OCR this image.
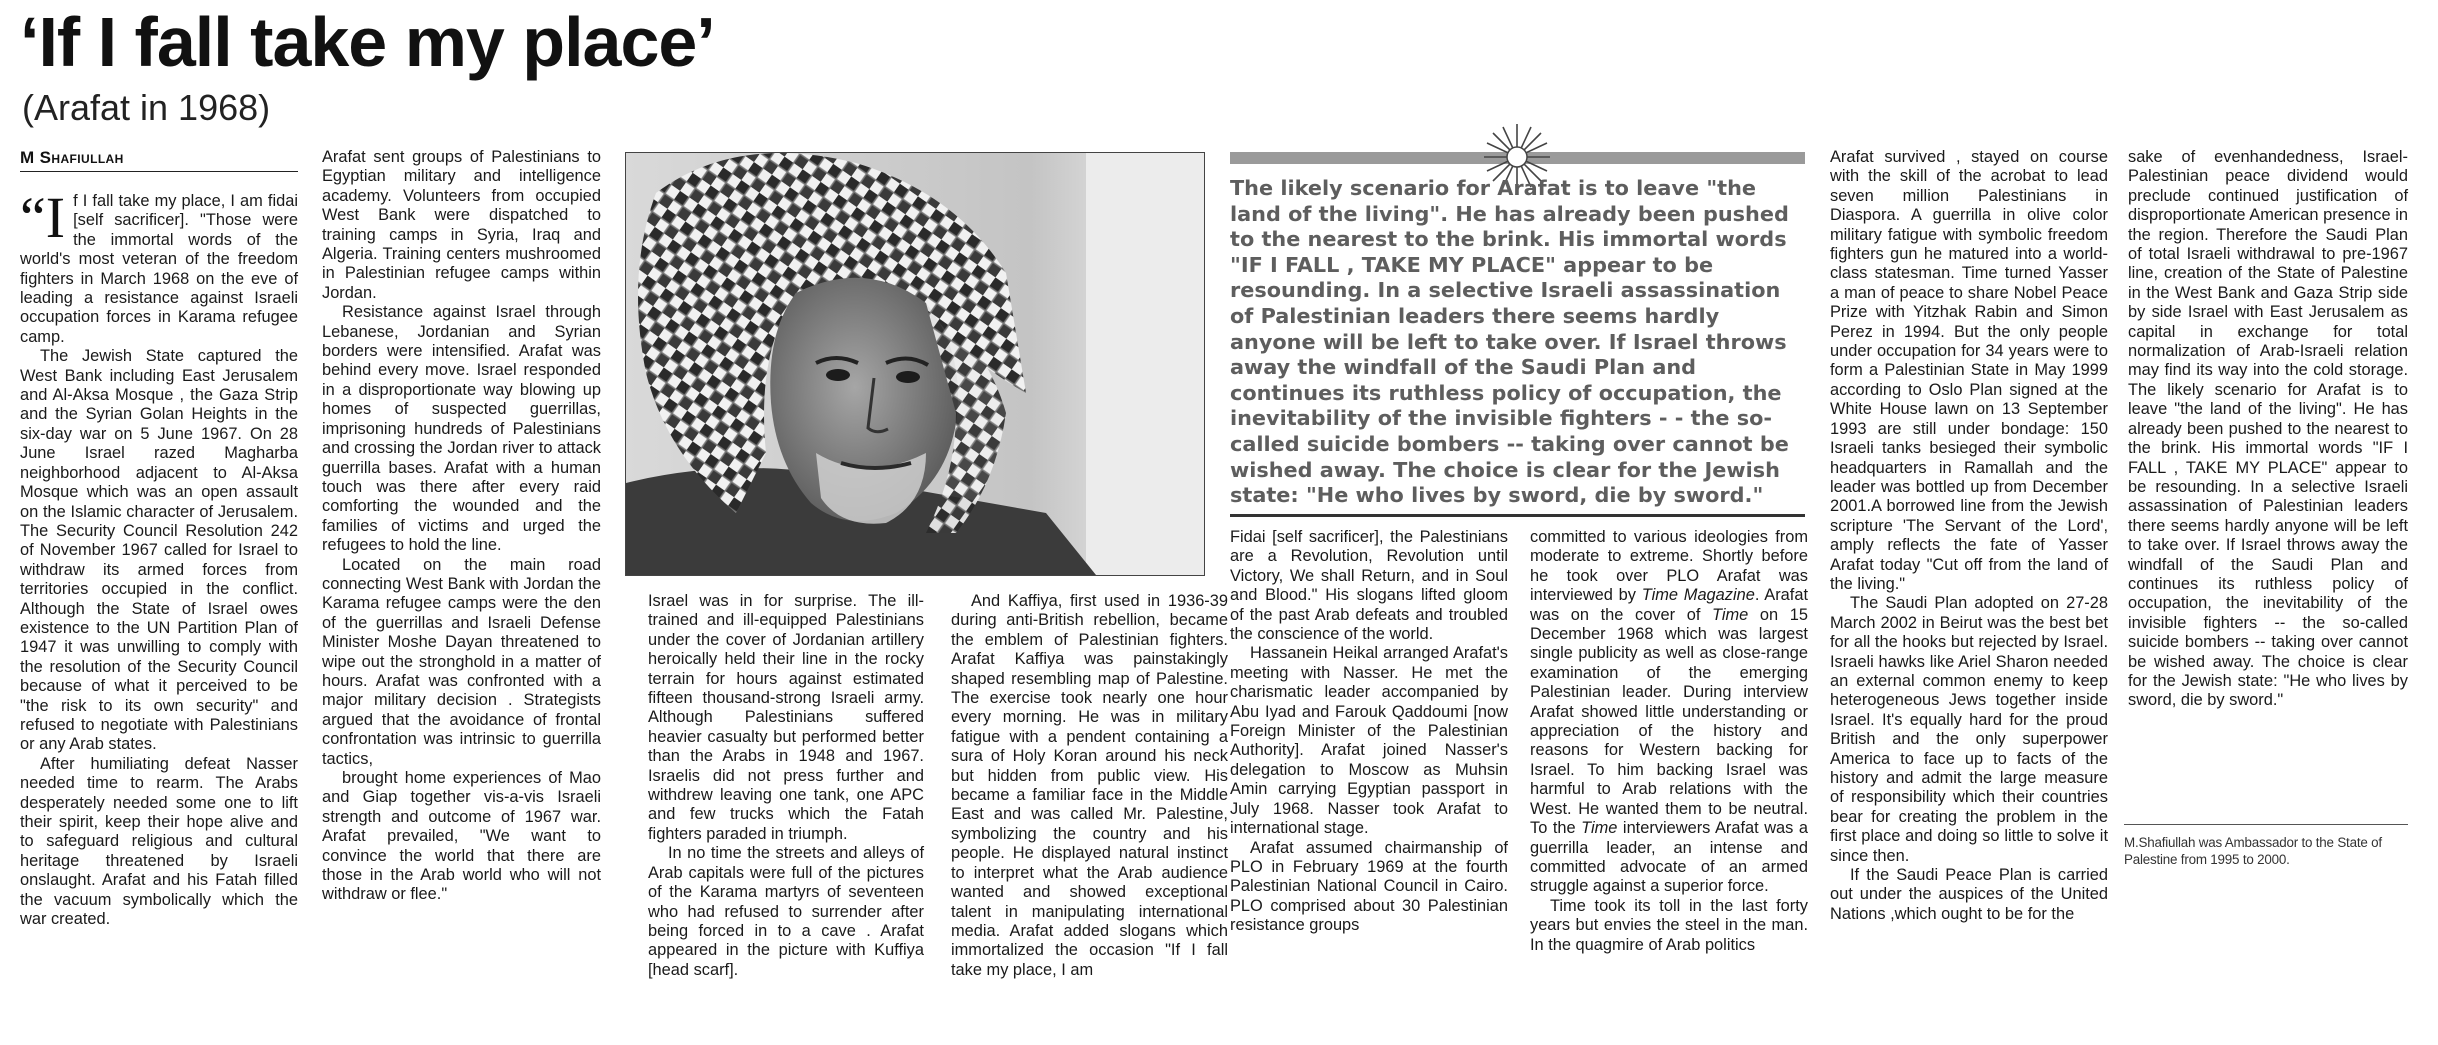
‘If I fall take my place’
(Arafat in 1968)
M Shafiullah

“I f I fall take my place, I am fidai [self sacrificer]. "Those were the immortal words of the world's most veteran of the freedom fighters in March 1968 on the eve of leading a resistance against Israeli occupation forces in Karama refugee camp.

The Jewish State captured the West Bank including East Jerusalem and Al-Aksa Mosque , the Gaza Strip and the Syrian Golan Heights in the six-day war on 5 June 1967. On 28 June Israel razed Magharba neighborhood adjacent to Al-Aksa Mosque which was an open assault on the Islamic character of Jerusalem. The Security Council Resolution 242 of November 1967 called for Israel to withdraw its armed forces from territories occupied in the conflict. Although the State of Israel owes existence to the UN Partition Plan of 1947 it was unwilling to comply with the resolution of the Security Council because of what it perceived to be "the risk to its own security" and refused to negotiate with Palestinians or any Arab states.

After humiliating defeat Nasser needed time to rearm. The Arabs desperately needed some one to lift their spirit, keep their hope alive and to safeguard religious and cultural heritage threatened by Israeli onslaught. Arafat and his Fatah filled the vacuum symbolically which the war created.

Arafat sent groups of Palestinians to Egyptian military and intelligence academy. Volunteers from occupied West Bank were dispatched to training camps in Syria, Iraq and Algeria. Training centers mushroomed in Palestinian refugee camps within Jordan.

Resistance against Israel through Lebanese, Jordanian and Syrian borders were intensified. Arafat was behind every move. Israel responded in a disproportionate way blowing up homes of suspected guerrillas, imprisoning hundreds of Palestinians and crossing the Jordan river to attack guerrilla bases. Arafat with a human touch was there after every raid comforting the wounded and the families of victims and urged the refugees to hold the line.

Located on the main road connecting West Bank with Jordan the Karama refugee camps were the den of the guerrillas and Israeli Defense Minister Moshe Dayan threatened to wipe out the stronghold in a matter of hours. Arafat was confronted with a major military decision . Strategists argued that the avoidance of frontal confrontation was intrinsic to guerrilla tactics,

brought home experiences of Mao and Giap together vis-a-vis Israeli strength and outcome of 1967 war. Arafat prevailed, "We want to convince the world that there are those in the Arab world who will not withdraw or flee."

Israel was in for surprise. The ill-trained and ill-equipped Palestinians under the cover of Jordanian artillery heroically held their line in the rocky terrain for hours against estimated fifteen thousand-strong Israeli army. Although Palestinians suffered heavier casualty but performed better than the Arabs in 1948 and 1967. Israelis did not press further and withdrew leaving one tank, one APC and few trucks which the Fatah fighters paraded in triumph.

In no time the streets and alleys of Arab capitals were full of the pictures of the Karama martyrs of seventeen who had refused to surrender after being forced in to a cave . Arafat appeared in the picture with Kuffiya [head scarf].

And Kaffiya, first used in 1936-39 during anti-British rebellion, became the emblem of Palestinian fighters. Arafat Kaffiya was painstakingly shaped resembling map of Palestine. The exercise took nearly one hour every morning. He was in military fatigue with a pendent containing a sura of Holy Koran around his neck but hidden from public view. His became a familiar face in the Middle East and was called Mr. Palestine, symbolizing the country and his people. He displayed natural instinct to interpret what the Arab audience wanted and showed exceptional talent in manipulating international media. Arafat added slogans which immortalized the occasion "If I fall take my place, I am

The likely scenario for Arafat is to leave "the land of the living". He has already been pushed to the nearest to the brink. His immortal words "IF I FALL , TAKE MY PLACE" appear to be resounding. In a selective Israeli assassination of Palestinian leaders there seems hardly anyone will be left to take over. If Israel throws away the windfall of the Saudi Plan and continues its ruthless policy of occupation, the inevitability of the invisible fighters - - the so-called suicide bombers -- taking over cannot be wished away. The choice is clear for the Jewish state: "He who lives by sword, die by sword."

Fidai [self sacrificer], the Palestinians are a Revolution, Revolution until Victory, We shall Return, and in Soul and Blood." His slogans lifted gloom of the past Arab defeats and troubled the conscience of the world.

Hassanein Heikal arranged Arafat's meeting with Nasser. He met the charismatic leader accompanied by Abu Iyad and Farouk Qaddoumi [now Foreign Minister of the Palestinian Authority]. Arafat joined Nasser's delegation to Moscow as Muhsin Amin carrying Egyptian passport in July 1968. Nasser took Arafat to international stage.

Arafat assumed chairmanship of PLO in February 1969 at the fourth Palestinian National Council in Cairo. PLO comprised about 30 Palestinian resistance groups

committed to various ideologies from moderate to extreme. Shortly before he took over PLO Arafat was interviewed by Time Magazine. Arafat was on the cover of Time on 15 December 1968 which was largest single publicity as well as close-range examination of the emerging Palestinian leader. During interview Arafat showed little understanding or appreciation of the history and reasons for Western backing for Israel. To him backing Israel was harmful to Arab relations with the West. He wanted them to be neutral. To the Time interviewers Arafat was a guerrilla leader, an intense and committed advocate of an armed struggle against a superior force.

Time took its toll in the last forty years but envies the steel in the man. In the quagmire of Arab politics

Arafat survived , stayed on course with the skill of the acrobat to lead seven million Palestinians in Diaspora. A guerrilla in olive color military fatigue with symbolic freedom fighters gun he matured into a world-class statesman. Time turned Yasser a man of peace to share Nobel Peace Prize with Yitzhak Rabin and Simon Perez in 1994. But the only people under occupation for 34 years were to form a Palestinian State in May 1999 according to Oslo Plan signed at the White House lawn on 13 September 1993 are still under bondage: 150 Israeli tanks besieged their symbolic headquarters in Ramallah and the leader was bottled up from December 2001.A borrowed line from the Jewish scripture 'The Servant of the Lord', amply reflects the fate of Yasser Arafat today "Cut off from the land of the living."

The Saudi Plan adopted on 27-28 March 2002 in Beirut was the best bet for all the hooks but rejected by Israel. Israeli hawks like Ariel Sharon needed an external common enemy to keep heterogeneous Jews together inside Israel. It's equally hard for the proud British and the only superpower America to face up to facts of the history and admit the large measure of responsibility which their countries bear for creating the problem in the first place and doing so little to solve it since then.

If the Saudi Peace Plan is carried out under the auspices of the United Nations ,which ought to be for the

sake of evenhandedness, Israel-Palestinian peace dividend would preclude continued justification of disproportionate American presence in the region. Therefore the Saudi Plan of total Israeli withdrawal to pre-1967 line, creation of the State of Palestine in the West Bank and Gaza Strip side by side Israel with East Jerusalem as capital in exchange for total normalization of Arab-Israeli relation may find its way into the cold storage. The likely scenario for Arafat is to leave "the land of the living". He has already been pushed to the nearest to the brink. His immortal words "IF I FALL , TAKE MY PLACE" appear to be resounding. In a selective Israeli assassination of Palestinian leaders there seems hardly anyone will be left to take over. If Israel throws away the windfall of the Saudi Plan and continues its ruthless policy of occupation, the inevitability of the invisible fighters -- the so-called suicide bombers -- taking over cannot be wished away. The choice is clear for the Jewish state: "He who lives by sword, die by sword."

M.Shafiullah was Ambassador to the State of Palestine from 1995 to 2000.
